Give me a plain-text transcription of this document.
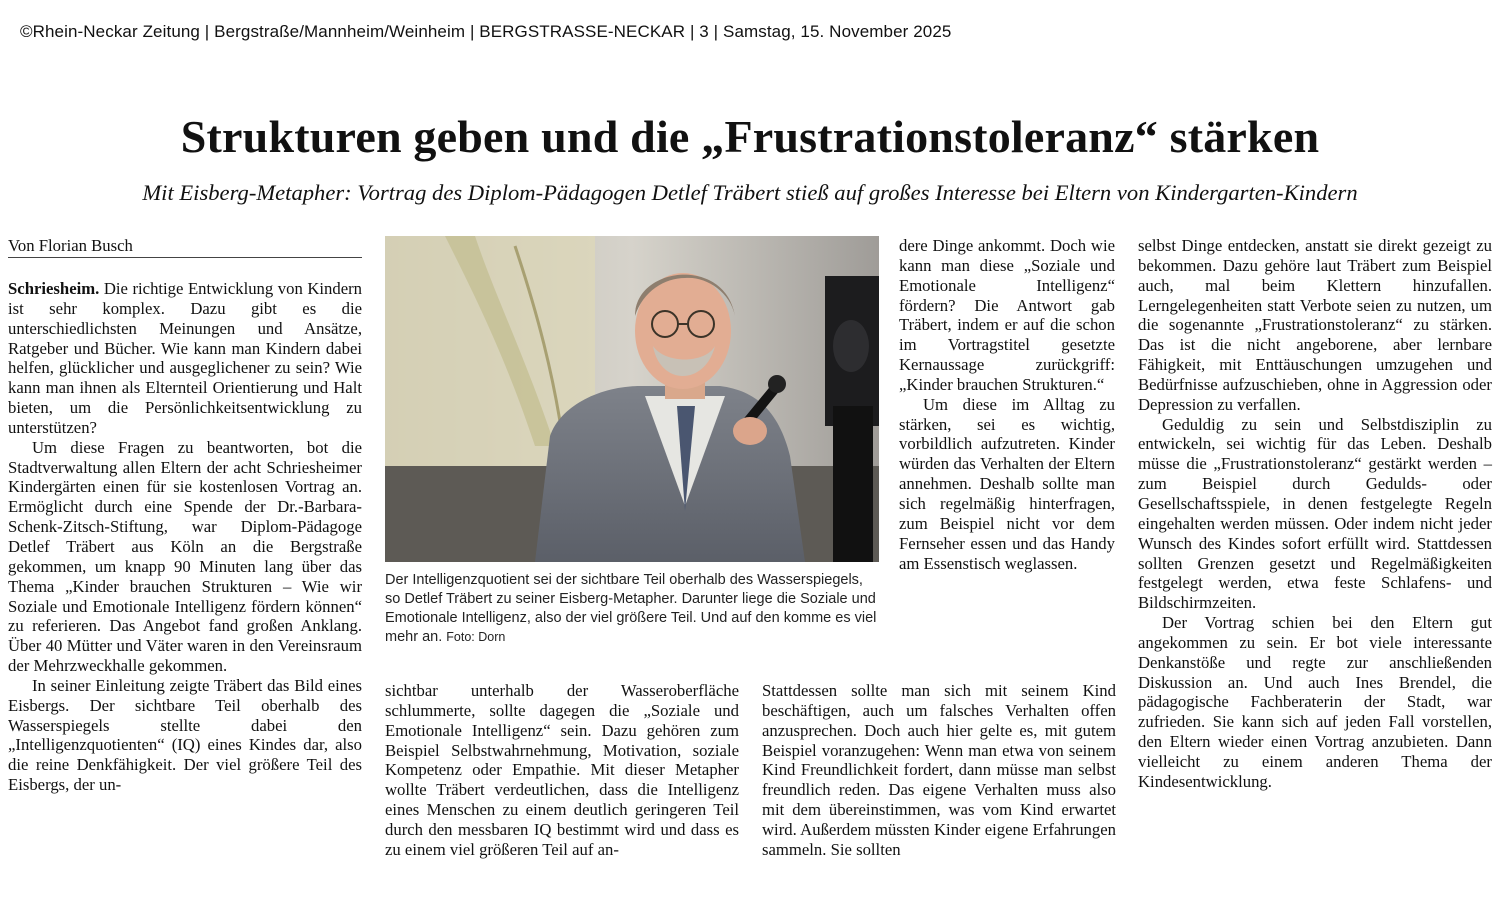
©Rhein-Neckar Zeitung | Bergstraße/Mannheim/Weinheim | BERGSTRASSE-NECKAR | 3 | Samstag, 15. November 2025
Strukturen geben und die „Frustrationstoleranz“ stärken
Mit Eisberg-Metapher: Vortrag des Diplom-Pädagogen Detlef Träbert stieß auf großes Interesse bei Eltern von Kindergarten-Kindern
Von Florian Busch

Schriesheim. Die richtige Entwicklung von Kindern ist sehr komplex. Dazu gibt es die unterschiedlichsten Meinungen und Ansätze, Ratgeber und Bücher. Wie kann man Kindern dabei helfen, glücklicher und ausgeglichener zu sein? Wie kann man ihnen als Elternteil Orientierung und Halt bieten, um die Persönlichkeitsentwicklung zu unterstützen?

Um diese Fragen zu beantworten, bot die Stadtverwaltung allen Eltern der acht Schriesheimer Kindergärten einen für sie kostenlosen Vortrag an. Ermöglicht durch eine Spende der Dr.-Barbara-Schenk-Zitsch-Stiftung, war Diplom-Pädagoge Detlef Träbert aus Köln an die Bergstraße gekommen, um knapp 90 Minuten lang über das Thema „Kinder brauchen Strukturen – Wie wir Soziale und Emotionale Intelligenz fördern können“ zu referieren. Das Angebot fand großen Anklang. Über 40 Mütter und Väter waren in den Vereinsraum der Mehrzweckhalle gekommen.

In seiner Einleitung zeigte Träbert das Bild eines Eisbergs. Der sichtbare Teil oberhalb des Wasserspiegels stellte dabei den „Intelligenzquotienten“ (IQ) eines Kindes dar, also die reine Denkfähigkeit. Der viel größere Teil des Eisbergs, der un-

Der Intelligenzquotient sei der sichtbare Teil oberhalb des Wasserspiegels, so Detlef Träbert zu seiner Eisberg-Metapher. Darunter liege die Soziale und Emotionale Intelligenz, also der viel größere Teil. Und auf den komme es viel mehr an. Foto: Dorn

sichtbar unterhalb der Wasseroberfläche schlummerte, sollte dagegen die „Soziale und Emotionale Intelligenz“ sein. Dazu gehören zum Beispiel Selbstwahrnehmung, Motivation, soziale Kompetenz oder Empathie. Mit dieser Metapher wollte Träbert verdeutlichen, dass die Intelligenz eines Menschen zu einem deutlich geringeren Teil durch den messbaren IQ bestimmt wird und dass es zu einem viel größeren Teil auf an-

dere Dinge ankommt. Doch wie kann man diese „Soziale und Emotionale Intelligenz“ fördern? Die Antwort gab Träbert, indem er auf die schon im Vortragstitel gesetzte Kernaussage zurückgriff: „Kinder brauchen Strukturen.“

Um diese im Alltag zu stärken, sei es wichtig, vorbildlich aufzutreten. Kinder würden das Verhalten der Eltern annehmen. Deshalb sollte man sich regelmäßig hinterfragen, zum Beispiel nicht vor dem Fernseher essen und das Handy am Essenstisch weglassen.

Stattdessen sollte man sich mit seinem Kind beschäftigen, auch um falsches Verhalten offen anzusprechen. Doch auch hier gelte es, mit gutem Beispiel voranzugehen: Wenn man etwa von seinem Kind Freundlichkeit fordert, dann müsse man selbst freundlich reden. Das eigene Verhalten muss also mit dem übereinstimmen, was vom Kind erwartet wird. Außerdem müssten Kinder eigene Erfahrungen sammeln. Sie sollten

selbst Dinge entdecken, anstatt sie direkt gezeigt zu bekommen. Dazu gehöre laut Träbert zum Beispiel auch, mal beim Klettern hinzufallen. Lerngelegenheiten statt Verbote seien zu nutzen, um die sogenannte „Frustrationstoleranz“ zu stärken. Das ist die nicht angeborene, aber lernbare Fähigkeit, mit Enttäuschungen umzugehen und Bedürfnisse aufzuschieben, ohne in Aggression oder Depression zu verfallen.

Geduldig zu sein und Selbstdisziplin zu entwickeln, sei wichtig für das Leben. Deshalb müsse die „Frustrationstoleranz“ gestärkt werden – zum Beispiel durch Gedulds- oder Gesellschaftsspiele, in denen festgelegte Regeln eingehalten werden müssen. Oder indem nicht jeder Wunsch des Kindes sofort erfüllt wird. Stattdessen sollten Grenzen gesetzt und Regelmäßigkeiten festgelegt werden, etwa feste Schlafens- und Bildschirmzeiten.

Der Vortrag schien bei den Eltern gut angekommen zu sein. Er bot viele interessante Denkanstöße und regte zur anschließenden Diskussion an. Und auch Ines Brendel, die pädagogische Fachberaterin der Stadt, war zufrieden. Sie kann sich auf jeden Fall vorstellen, den Eltern wieder einen Vortrag anzubieten. Dann vielleicht zu einem anderen Thema der Kindesentwicklung.
